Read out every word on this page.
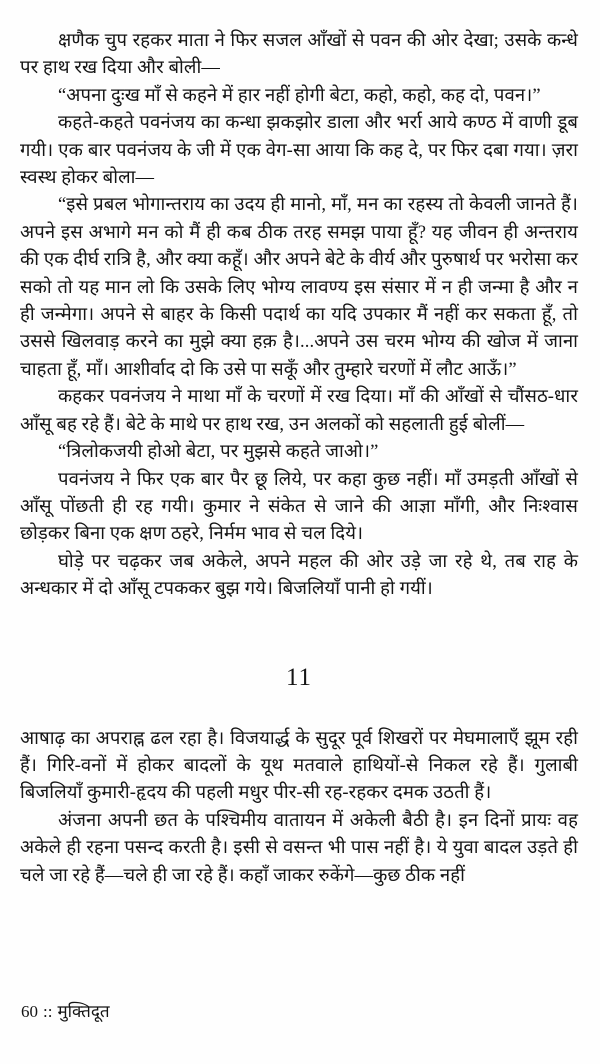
क्षणैक चुप रहकर माता ने फिर सजल आँखों से पवन की ओर देखा; उसके कन्धे पर हाथ रख दिया और बोली—

“अपना दुःख माँ से कहने में हार नहीं होगी बेटा, कहो, कहो, कह दो, पवन।”

कहते-कहते पवनंजय का कन्धा झकझोर डाला और भर्रा आये कण्ठ में वाणी डूब गयी। एक बार पवनंजय के जी में एक वेग-सा आया कि कह दे, पर फिर दबा गया। ज़रा स्वस्थ होकर बोला—

“इसे प्रबल भोगान्तराय का उदय ही मानो, माँ, मन का रहस्य तो केवली जानते हैं। अपने इस अभागे मन को मैं ही कब ठीक तरह समझ पाया हूँ? यह जीवन ही अन्तराय की एक दीर्घ रात्रि है, और क्या कहूँ। और अपने बेटे के वीर्य और पुरुषार्थ पर भरोसा कर सको तो यह मान लो कि उसके लिए भोग्य लावण्य इस संसार में न ही जन्मा है और न ही जन्मेगा। अपने से बाहर के किसी पदार्थ का यदि उपकार मैं नहीं कर सकता हूँ, तो उससे खिलवाड़ करने का मुझे क्या हक़ है।...अपने उस चरम भोग्य की खोज में जाना चाहता हूँ, माँ। आशीर्वाद दो कि उसे पा सकूँ और तुम्हारे चरणों में लौट आऊँ।”

कहकर पवनंजय ने माथा माँ के चरणों में रख दिया। माँ की आँखों से चौंसठ-धार आँसू बह रहे हैं। बेटे के माथे पर हाथ रख, उन अलकों को सहलाती हुई बोलीं—

“त्रिलोकजयी होओ बेटा, पर मुझसे कहते जाओ।”

पवनंजय ने फिर एक बार पैर छू लिये, पर कहा कुछ नहीं। माँ उमड़ती आँखों से आँसू पोंछती ही रह गयी। कुमार ने संकेत से जाने की आज्ञा माँगी, और निःश्वास छोड़कर बिना एक क्षण ठहरे, निर्मम भाव से चल दिये।

घोड़े पर चढ़कर जब अकेले, अपने महल की ओर उड़े जा रहे थे, तब राह के अन्धकार में दो आँसू टपककर बुझ गये। बिजलियाँ पानी हो गयीं।

11

आषाढ़ का अपराह्न ढल रहा है। विजयार्द्ध के सुदूर पूर्व शिखरों पर मेघमालाएँ झूम रही हैं। गिरि-वनों में होकर बादलों के यूथ मतवाले हाथियों-से निकल रहे हैं। गुलाबी बिजलियाँ कुमारी-हृदय की पहली मधुर पीर-सी रह-रहकर दमक उठती हैं।

अंजना अपनी छत के पश्चिमीय वातायन में अकेली बैठी है। इन दिनों प्रायः वह अकेले ही रहना पसन्द करती है। इसी से वसन्त भी पास नहीं है। ये युवा बादल उड़ते ही चले जा रहे हैं—चले ही जा रहे हैं। कहाँ जाकर रुकेंगे—कुछ ठीक नहीं

60 :: मुक्तिदूत
